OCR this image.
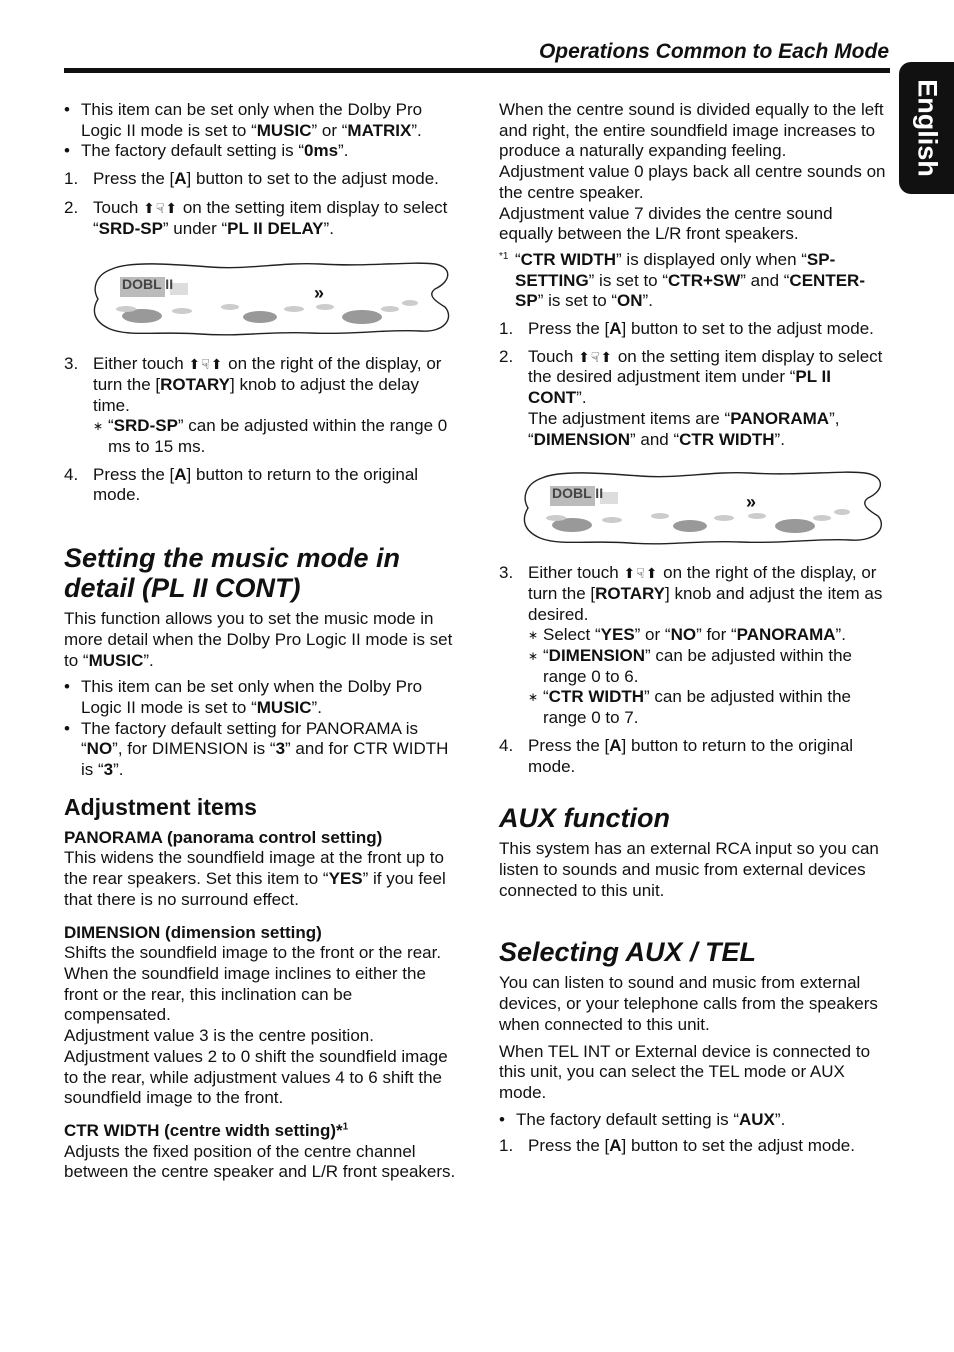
Operations Common to Each Mode
English
• This item can be set only when the Dolby Pro Logic II mode is set to “MUSIC” or “MATRIX”.
• The factory default setting is “0ms”.
1. Press the [A] button to set to the adjust mode.
2. Touch ⬆☟⬆ on the setting item display to select “SRD-SP” under “PL II DELAY”.
DOBL II	»
3. Either touch ⬆☟⬆ on the right of the display, or turn the [ROTARY] knob to adjust the delay time.
∗ “SRD-SP” can be adjusted within the range 0 ms to 15 ms.
4. Press the [A] button to return to the original mode.
Setting the music mode in detail (PL II CONT)

This function allows you to set the music mode in more detail when the Dolby Pro Logic II mode is set to “MUSIC”.

• This item can be set only when the Dolby Pro Logic II mode is set to “MUSIC”.
• The factory default setting for PANORAMA is “NO”, for DIMENSION is “3” and for CTR WIDTH is “3”.
Adjustment items
PANORAMA (panorama control setting)

This widens the soundfield image at the front up to the rear speakers. Set this item to “YES” if you feel that there is no surround effect.

DIMENSION (dimension setting)

Shifts the soundfield image to the front or the rear. When the soundfield image inclines to either the front or the rear, this inclination can be compensated.

Adjustment value 3 is the centre position. Adjustment values 2 to 0 shift the soundfield image to the rear, while adjustment values 4 to 6 shift the soundfield image to the front.

CTR WIDTH (centre width setting)*$^1$

Adjusts the fixed position of the centre channel between the centre speaker and L/R front speakers.

When the centre sound is divided equally to the left and right, the entire soundfield image increases to produce a naturally expanding feeling.

Adjustment value 0 plays back all centre sounds on the centre speaker.

Adjustment value 7 divides the centre sound equally between the L/R front speakers.

*1 “CTR WIDTH” is displayed only when “SP-SETTING” is set to “CTR+SW” and “CENTER-SP” is set to “ON”.
1. Press the [A] button to set to the adjust mode.
2. Touch ⬆☟⬆ on the setting item display to select the desired adjustment item under “PL II CONT”.
The adjustment items are “PANORAMA”, “DIMENSION” and “CTR WIDTH”.
DOBL II	»
3. Either touch ⬆☟⬆ on the right of the display, or turn the [ROTARY] knob and adjust the item as desired.
∗ Select “YES” or “NO” for “PANORAMA”.
∗ “DIMENSION” can be adjusted within the range 0 to 6.
∗ “CTR WIDTH” can be adjusted within the range 0 to 7.
4. Press the [A] button to return to the original mode.
AUX function

This system has an external RCA input so you can listen to sounds and music from external devices connected to this unit.

Selecting AUX / TEL

You can listen to sound and music from external devices, or your telephone calls from the speakers when connected to this unit.

When TEL INT or External device is connected to this unit, you can select the TEL mode or AUX mode.

• The factory default setting is “AUX”.
1. Press the [A] button to set the adjust mode.
